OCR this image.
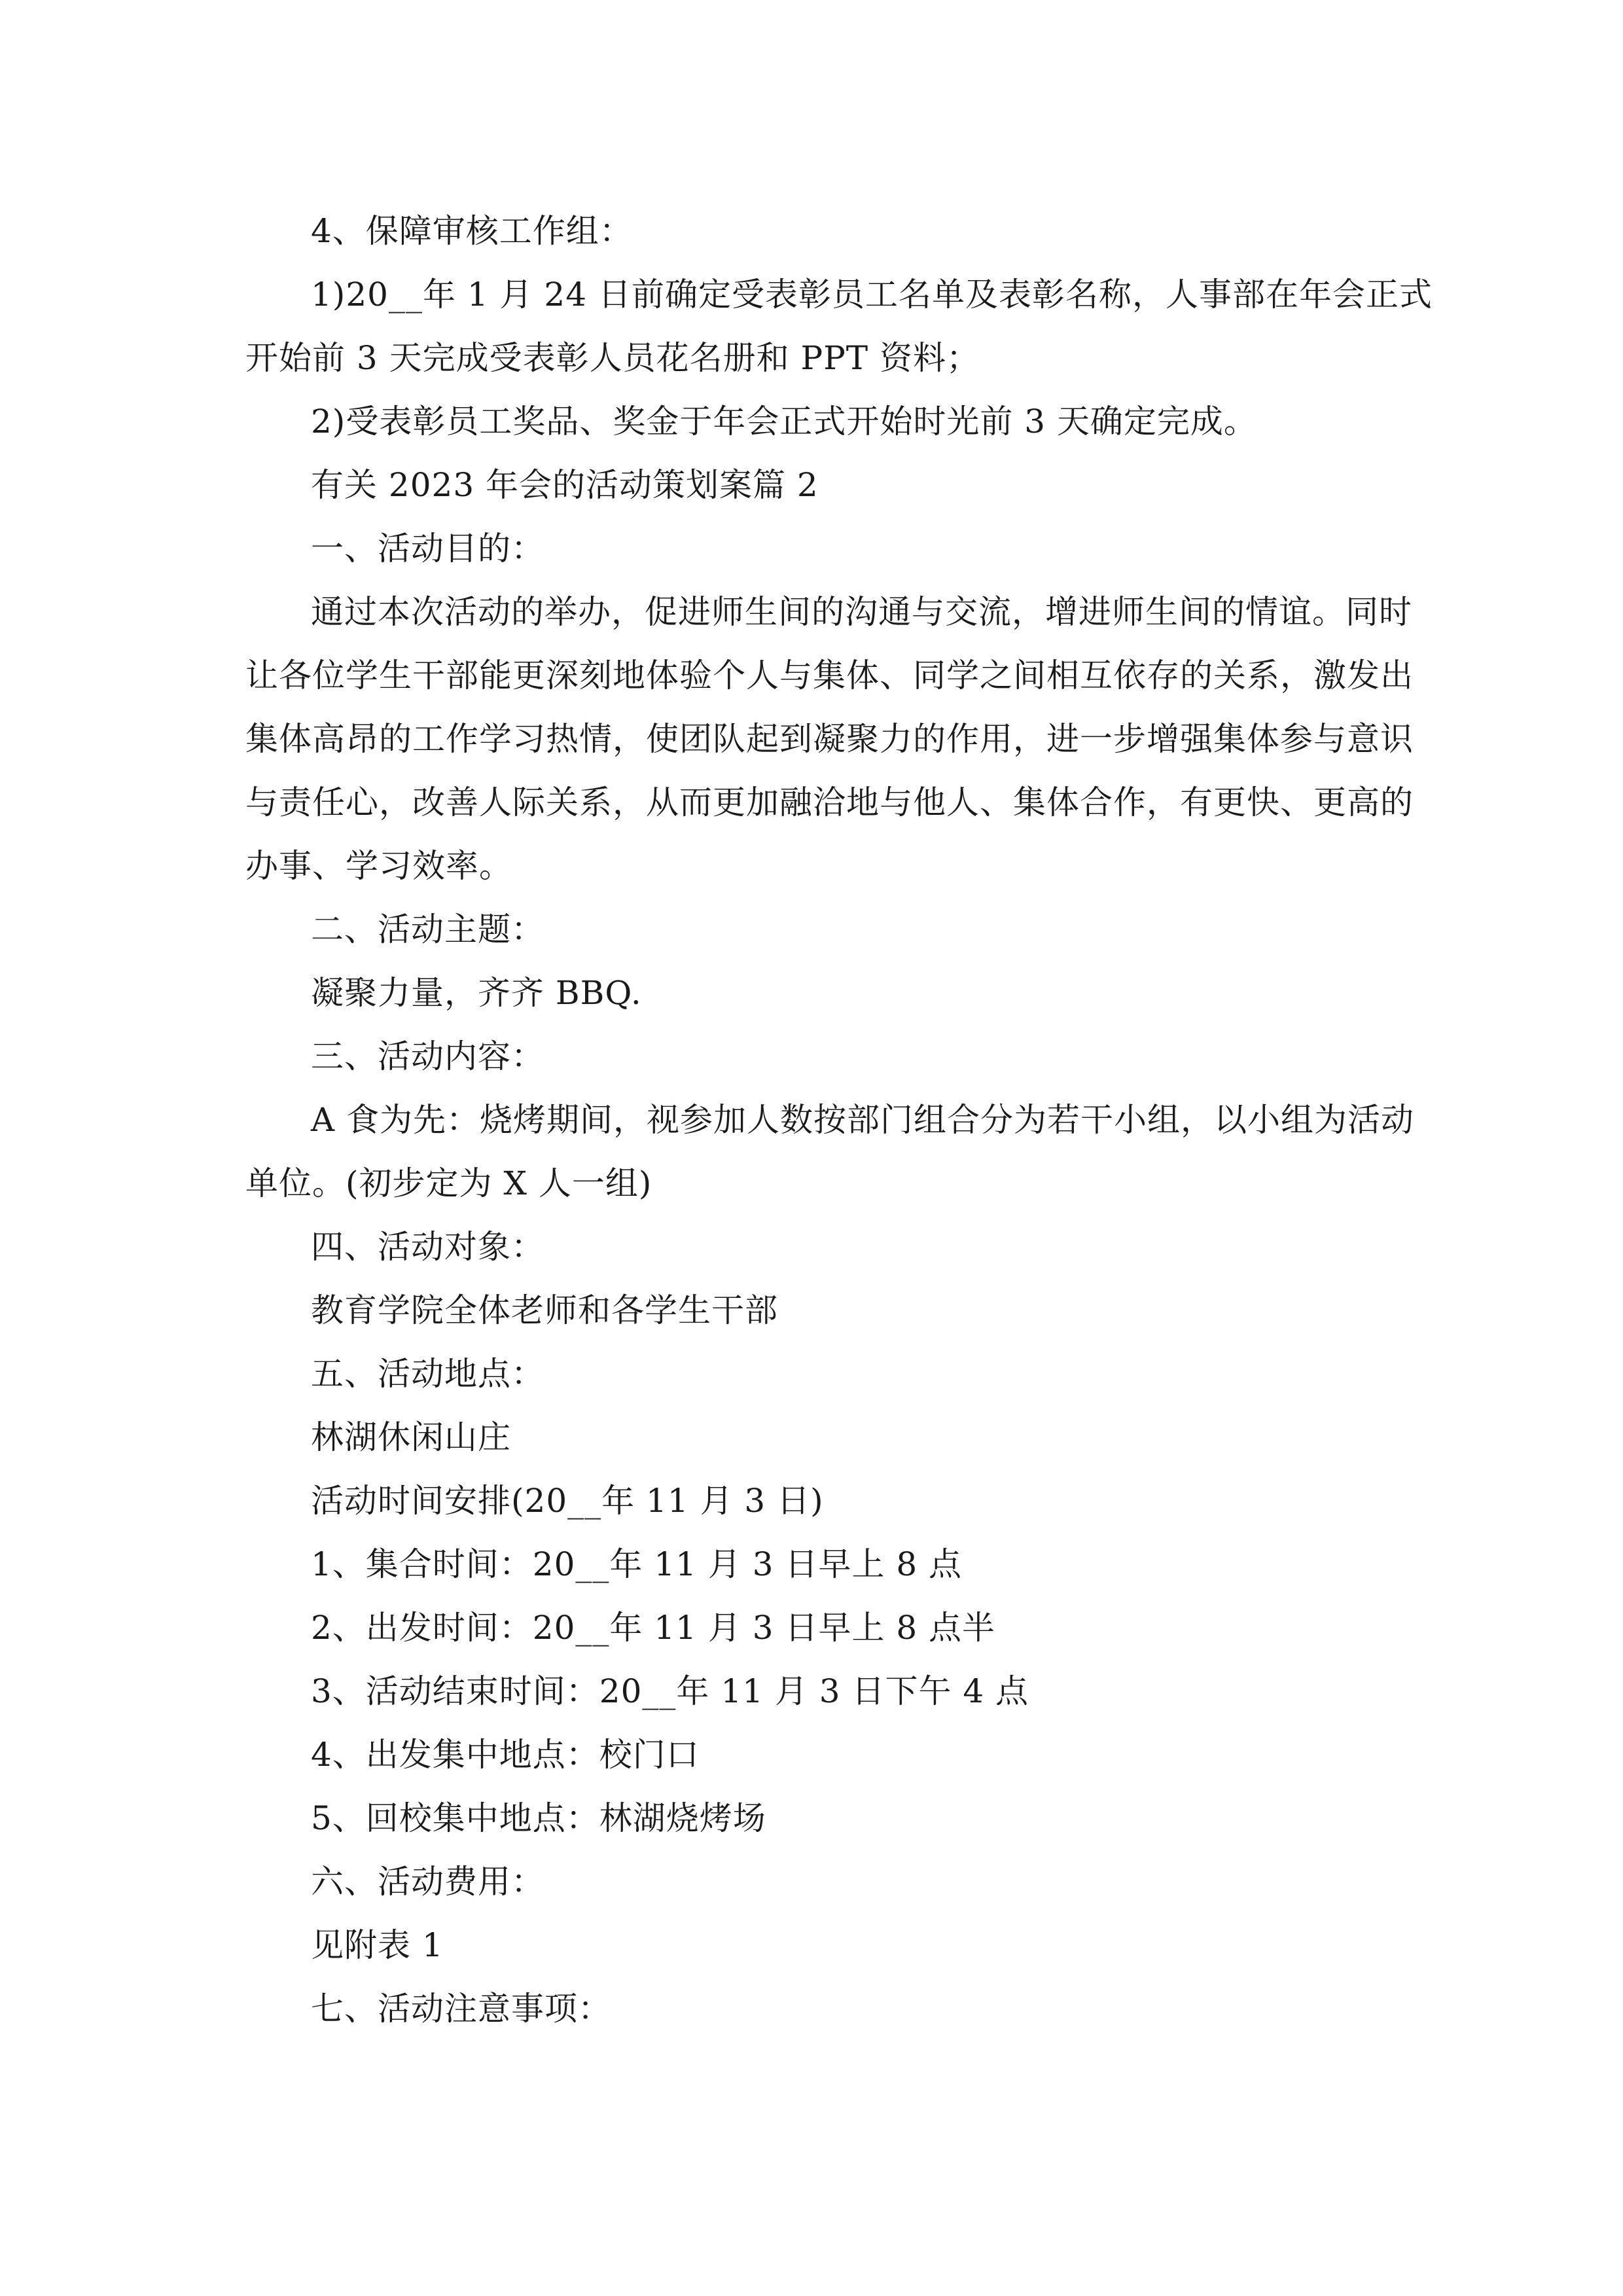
4、保障审核工作组：
1)20__年 1 月 24 日前确定受表彰员工名单及表彰名称，人事部在年会正式
开始前 3 天完成受表彰人员花名册和 PPT 资料；
2)受表彰员工奖品、奖金于年会正式开始时光前 3 天确定完成。
有关 2023 年会的活动策划案篇 2
一、活动目的：
通过本次活动的举办，促进师生间的沟通与交流，增进师生间的情谊。同时
让各位学生干部能更深刻地体验个人与集体、同学之间相互依存的关系，激发出
集体高昂的工作学习热情，使团队起到凝聚力的作用，进一步增强集体参与意识
与责任心，改善人际关系，从而更加融洽地与他人、集体合作，有更快、更高的
办事、学习效率。
二、活动主题：
凝聚力量，齐齐 BBQ.
三、活动内容：
A 食为先：烧烤期间，视参加人数按部门组合分为若干小组，以小组为活动
单位。(初步定为 X 人一组)
四、活动对象：
教育学院全体老师和各学生干部
五、活动地点：
林湖休闲山庄
活动时间安排(20__年 11 月 3 日)
1、集合时间：20__年 11 月 3 日早上 8 点
2、出发时间：20__年 11 月 3 日早上 8 点半
3、活动结束时间：20__年 11 月 3 日下午 4 点
4、出发集中地点：校门口
5、回校集中地点：林湖烧烤场
六、活动费用：
见附表 1
七、活动注意事项：
